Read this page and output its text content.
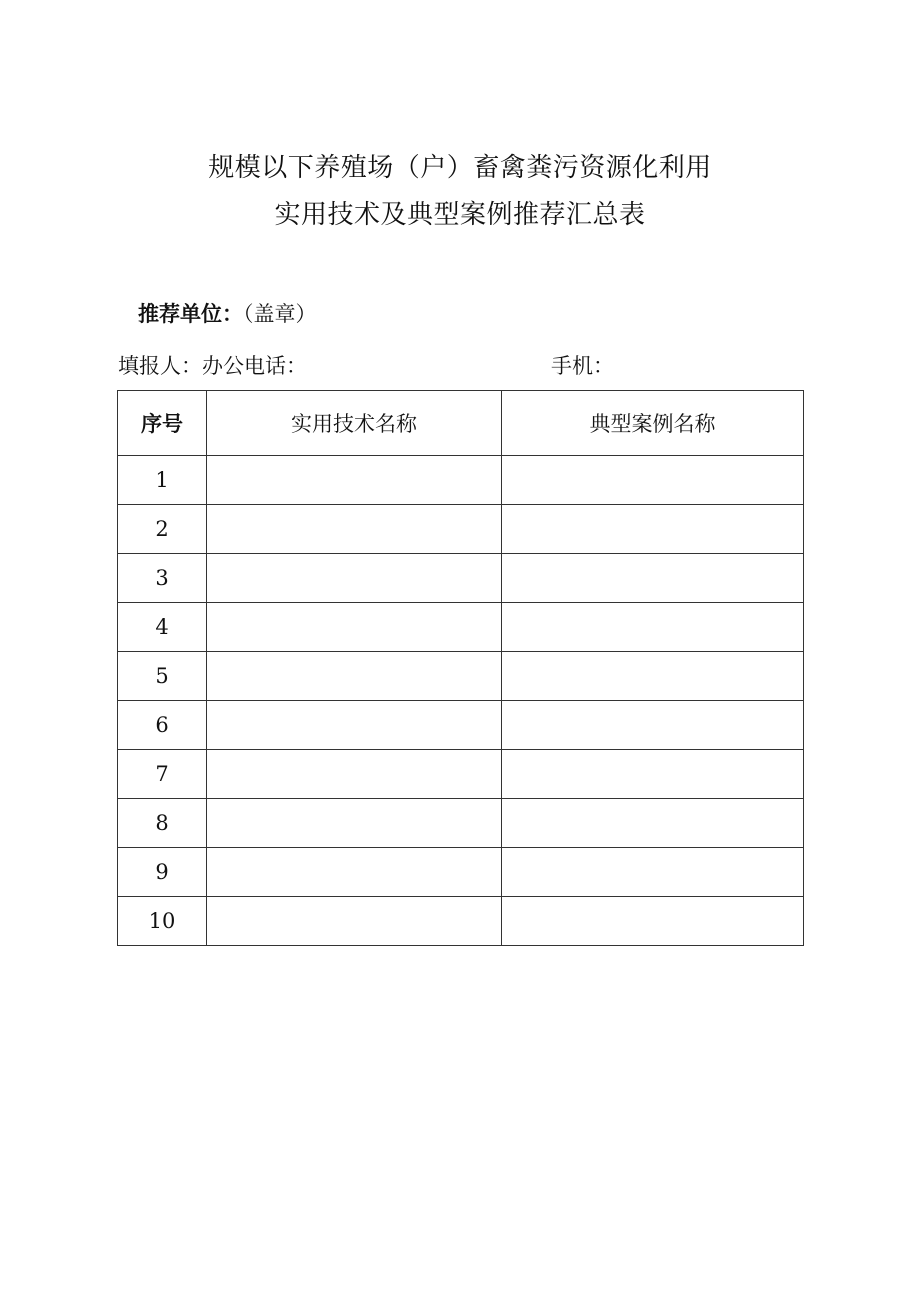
规模以下养殖场（户）畜禽粪污资源化利用
实用技术及典型案例推荐汇总表
推荐单位：（盖章）
填报人：办公电话：	手机：
序号	实用技术名称	典型案例名称
1		
2		
3		
4		
5		
6		
7		
8		
9		
10		
